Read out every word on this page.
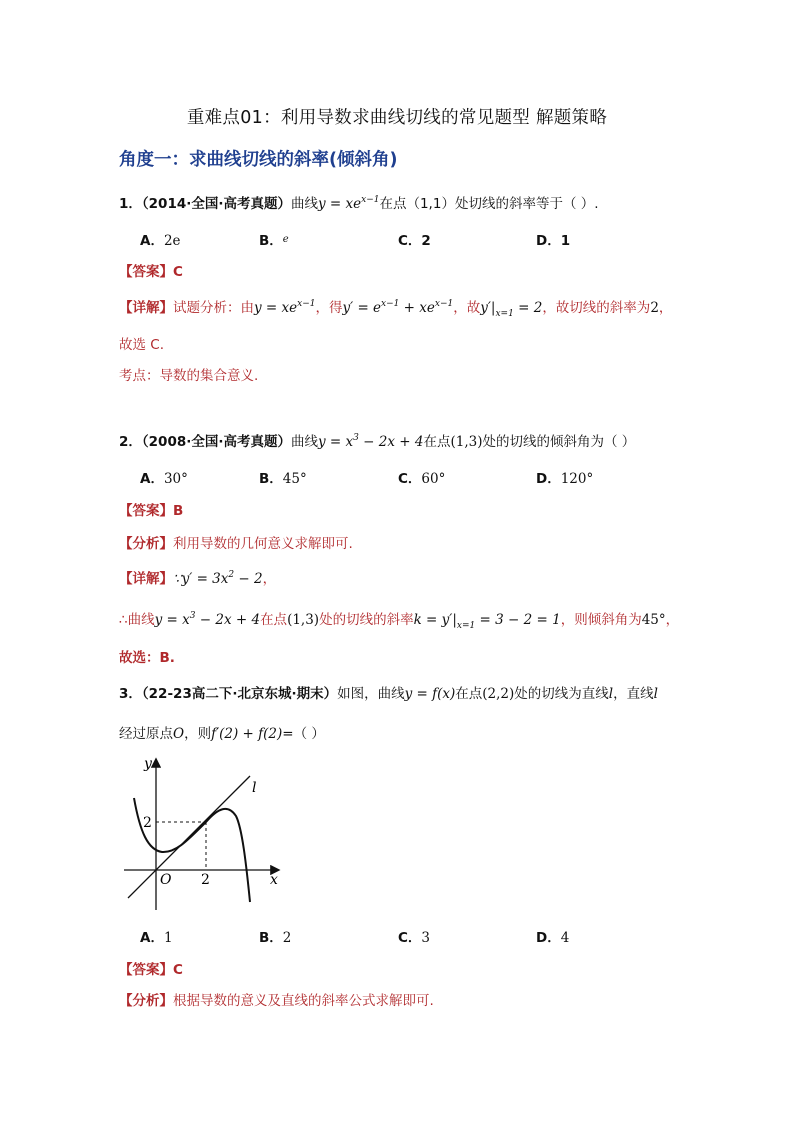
重难点01：利用导数求曲线切线的常见题型 解题策略
角度一：求曲线切线的斜率(倾斜角)
1．（2014·全国·高考真题）曲线$y = xe^{x-1}$在点（1,1）处切线的斜率等于（ ）.
A．2e	B．$^e$	C．2	D．1
【答案】C
【详解】试题分析：由$y = xe^{x-1}$，得$y' = e^{x-1} + xe^{x-1}$，故$y'|_{x=1} = 2$，故切线的斜率为2，
故选 C.
考点：导数的集合意义.
2．（2008·全国·高考真题）曲线$y = x^3 - 2x + 4$在点(1,3)处的切线的倾斜角为（ ）
A．30°	B．45°	C．60°	D．120°
【答案】B
【分析】利用导数的几何意义求解即可.
【详解】∵y′ = $3x^2 - 2$，
∴曲线$y = x^3 - 2x + 4$在点(1,3)处的切线的斜率$k = y'|_{x=1} = 3 - 2 = 1$，则倾斜角为45°，
故选：B.
3．（22-23高二下·北京东城·期末）如图，曲线y = f(x)在点(2,2)处的切线为直线l，直线l
经过原点O，则f′(2) + f(2)=（ ）
y
x
O 2
2
l
A．1	B．2	C．3	D．4
【答案】C
【分析】根据导数的意义及直线的斜率公式求解即可.
